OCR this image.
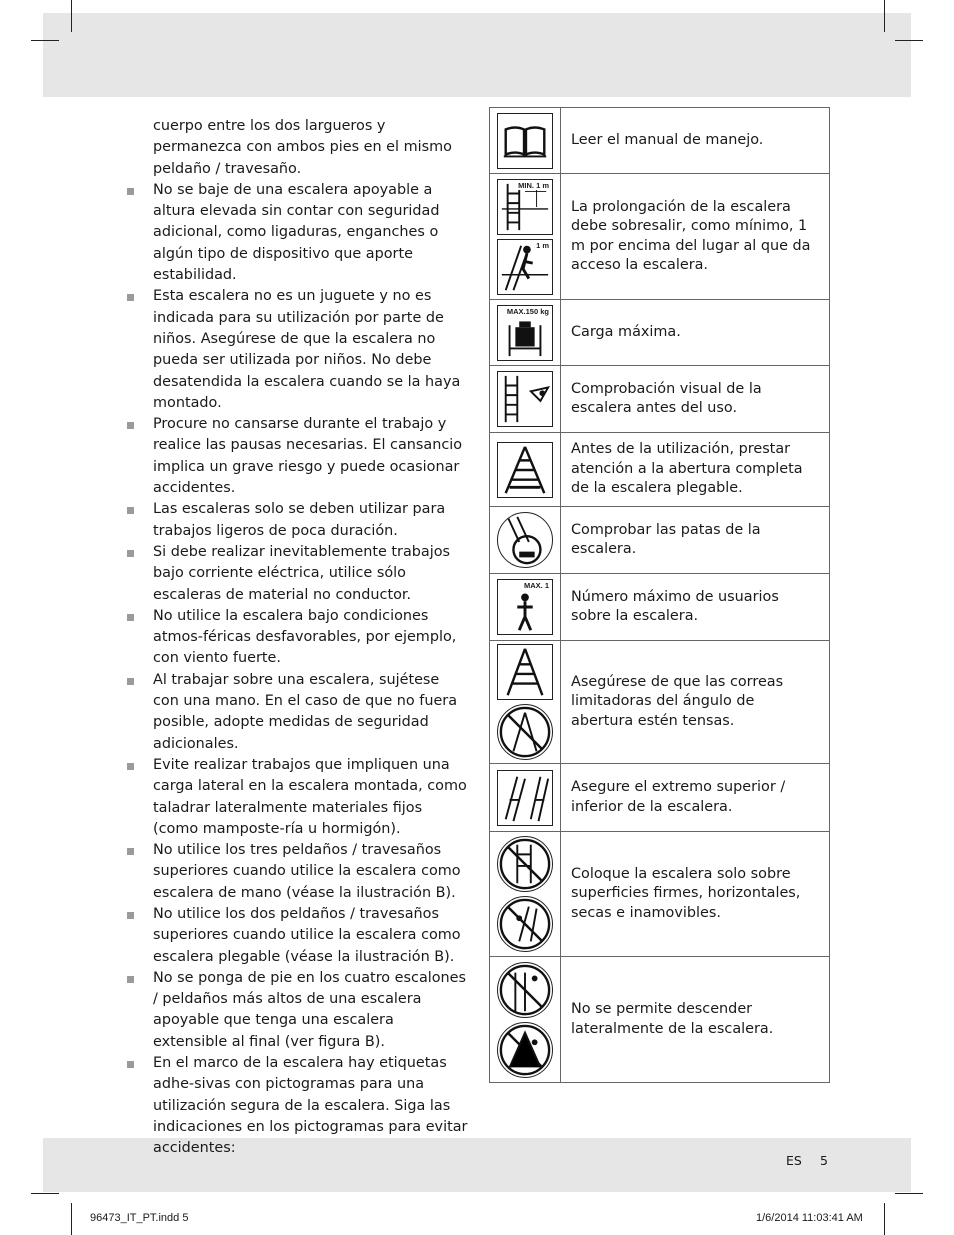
cuerpo entre los dos largueros y permanezca con ambos pies en el mismo peldaño / travesaño.

No se baje de una escalera apoyable a altura elevada sin contar con seguridad adicional, como ligaduras, enganches o algún tipo de dispositivo que aporte estabilidad.

Esta escalera no es un juguete y no es indicada para su utilización por parte de niños. Asegúrese de que la escalera no pueda ser utilizada por niños. No debe desatendida la escalera cuando se la haya montado.

Procure no cansarse durante el trabajo y realice las pausas necesarias. El cansancio implica un grave riesgo y puede ocasionar accidentes.

Las escaleras solo se deben utilizar para trabajos ligeros de poca duración.

Si debe realizar inevitablemente trabajos bajo corriente eléctrica, utilice sólo escaleras de material no conductor.

No utilice la escalera bajo condiciones atmos-féricas desfavorables, por ejemplo, con viento fuerte.

Al trabajar sobre una escalera, sujétese con una mano. En el caso de que no fuera posible, adopte medidas de seguridad adicionales.

Evite realizar trabajos que impliquen una carga lateral en la escalera montada, como taladrar lateralmente materiales fijos (como mamposte-ría u hormigón).

No utilice los tres peldaños / travesaños superiores cuando utilice la escalera como escalera de mano (véase la ilustración B).

No utilice los dos peldaños / travesaños superiores cuando utilice la escalera como escalera plegable (véase la ilustración B).

No se ponga de pie en los cuatro escalones / peldaños más altos de una escalera apoyable que tenga una escalera extensible al final (ver figura B).

En el marco de la escalera hay etiquetas adhe-sivas con pictogramas para una utilización segura de la escalera. Siga las indicaciones en los pictogramas para evitar accidentes:

Leer el manual de manejo.
MIN. 1 m
1 m
La prolongación de la escalera debe sobresalir, como mínimo, 1 m por encima del lugar al que da acceso la escalera.
MAX.150 kg
Carga máxima.
Comprobación visual de la escalera antes del uso.
Antes de la utilización, prestar atención a la abertura completa de la escalera plegable.
Comprobar las patas de la escalera.
MAX. 1
Número máximo de usuarios sobre la escalera.
Asegúrese de que las correas limitadoras del ángulo de abertura estén tensas.
Asegure el extremo superior / inferior de la escalera.
Coloque la escalera solo sobre superficies firmes, horizontales, secas e inamovibles.
No se permite descender lateralmente de la escalera.
ES 5
96473_IT_PT.indd 5	1/6/2014 11:03:41 AM
